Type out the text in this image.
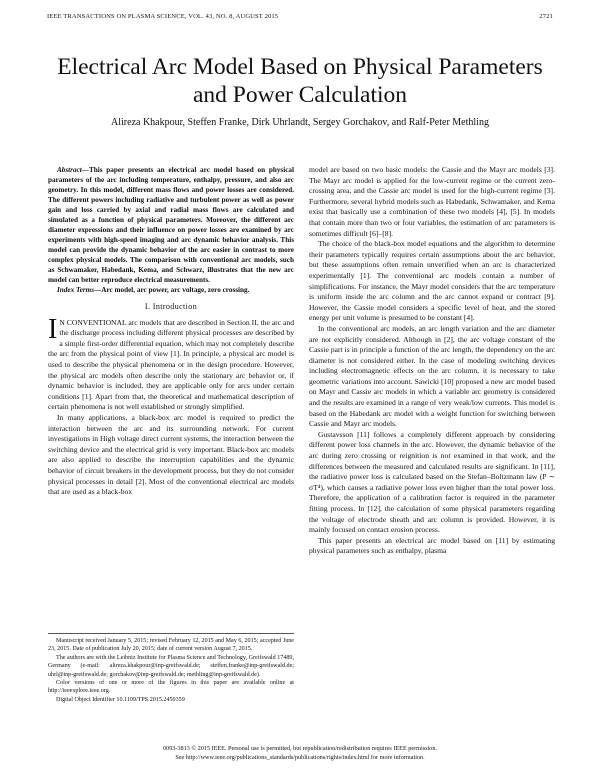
IEEE TRANSACTIONS ON PLASMA SCIENCE, VOL. 43, NO. 8, AUGUST 2015	2721
Electrical Arc Model Based on Physical Parameters and Power Calculation
Alireza Khakpour, Steffen Franke, Dirk Uhrlandt, Sergey Gorchakov, and Ralf-Peter Methling

Abstract—This paper presents an electrical arc model based on physical parameters of the arc including temperature, enthalpy, pressure, and also arc geometry. In this model, different mass flows and power losses are considered. The different powers including radiative and turbulent power as well as power gain and loss carried by axial and radial mass flows are calculated and simulated as a function of physical parameters. Moreover, the different arc diameter expressions and their influence on power losses are examined by arc experiments with high-speed imaging and arc dynamic behavior analysis. This model can provide the dynamic behavior of the arc easier in contrast to more complex physical models. The comparison with conventional arc models, such as Schwamaker, Habedank, Kema, and Schwarz, illustrates that the new arc model can better reproduce electrical measurements.

Index Terms—Arc model, arc power, arc voltage, zero crossing.

I. Introduction

I N CONVENTIONAL arc models that are described in Section II, the arc and the discharge process including different physical processes are described by a simple first-order differential equation, which may not completely describe the arc from the physical point of view [1]. In principle, a physical arc model is used to describe the physical phenomena or in the design procedure. However, the physical arc models often describe only the stationary arc behavior or, if dynamic behavior is included, they are applicable only for arcs under certain conditions [1]. Apart from that, the theoretical and mathematical description of certain phenomena is not well established or strongly simplified.

In many applications, a black-box arc model is required to predict the interaction between the arc and its surrounding network. For current investigations in High voltage direct current systems, the interaction between the switching device and the electrical grid is very important. Black-box arc models are also applied to describe the interruption capabilities and the dynamic behavior of circuit breakers in the development process, but they do not consider physical processes in detail [2]. Most of the conventional electrical arc models that are used as a black-box

Manuscript received January 5, 2015; revised February 12, 2015 and May 6, 2015; accepted June 23, 2015. Date of publication July 20, 2015; date of current version August 7, 2015.

The authors are with the Leibniz Institute for Plasma Science and Technology, Greifswald 17489, Germany (e-mail: alireza.khakpour@inp-greifswald.de; steffen.franke@inp-greifswald.de; uhrl@inp-greifswald.de; gorchakov@inp-greifswald.de; methling@inp-greifswald.de).

Color versions of one or more of the figures in this paper are available online at http://ieeexplore.ieee.org.

Digital Object Identifier 10.1109/TPS.2015.2450359

model are based on two basic models: the Cassie and the Mayr arc models [3]. The Mayr arc model is applied for the low-current regime or the current zero-crossing area, and the Cassie arc model is used for the high-current regime [3]. Furthermore, several hybrid models such as Habedank, Schwamaker, and Kema exist that basically use a combination of these two models [4], [5]. In models that contain more than two or four variables, the estimation of arc parameters is sometimes difficult [6]–[8].

The choice of the black-box model equations and the algorithm to determine their parameters typically requires certain assumptions about the arc behavior, but these assumptions often remain unverified when an arc is characterized experimentally [1]. The conventional arc models contain a number of simplifications. For instance, the Mayr model considers that the arc temperature is uniform inside the arc column and the arc cannot expand or contract [9]. However, the Cassie model considers a specific level of heat, and the stored energy per unit volume is presumed to be constant [4].

In the conventional arc models, an arc length variation and the arc diameter are not explicitly considered. Although in [2], the arc voltage constant of the Cassie part is in principle a function of the arc length, the dependency on the arc diameter is not considered either. In the case of modeling switching devices including electromagnetic effects on the arc column, it is necessary to take geometric variations into account. Sawicki [10] proposed a new arc model based on Mayr and Cassie arc models in which a variable arc geometry is considered and the results are examined in a range of very weak/low currents. This model is based on the Habedank arc model with a weight function for switching between Cassie and Mayr arc models.

Gustavsson [11] follows a completely different approach by considering different power loss channels in the arc. However, the dynamic behavior of the arc during zero crossing or reignition is not examined in that work, and the differences between the measured and calculated results are significant. In [11], the radiative power loss is calculated based on the Stefan–Boltzmann law (P ∼ σT⁴), which causes a radiative power loss even higher than the total power loss. Therefore, the application of a calibration factor is required in the parameter fitting process. In [12], the calculation of some physical parameters regarding the voltage of electrode sheath and arc column is provided. However, it is mainly focused on contact erosion process.

This paper presents an electrical arc model based on [11] by estimating physical parameters such as enthalpy, plasma

0093-3813 © 2015 IEEE. Personal use is permitted, but republication/redistribution requires IEEE permission.
See http://www.ieee.org/publications_standards/publications/rights/index.html for more information.
